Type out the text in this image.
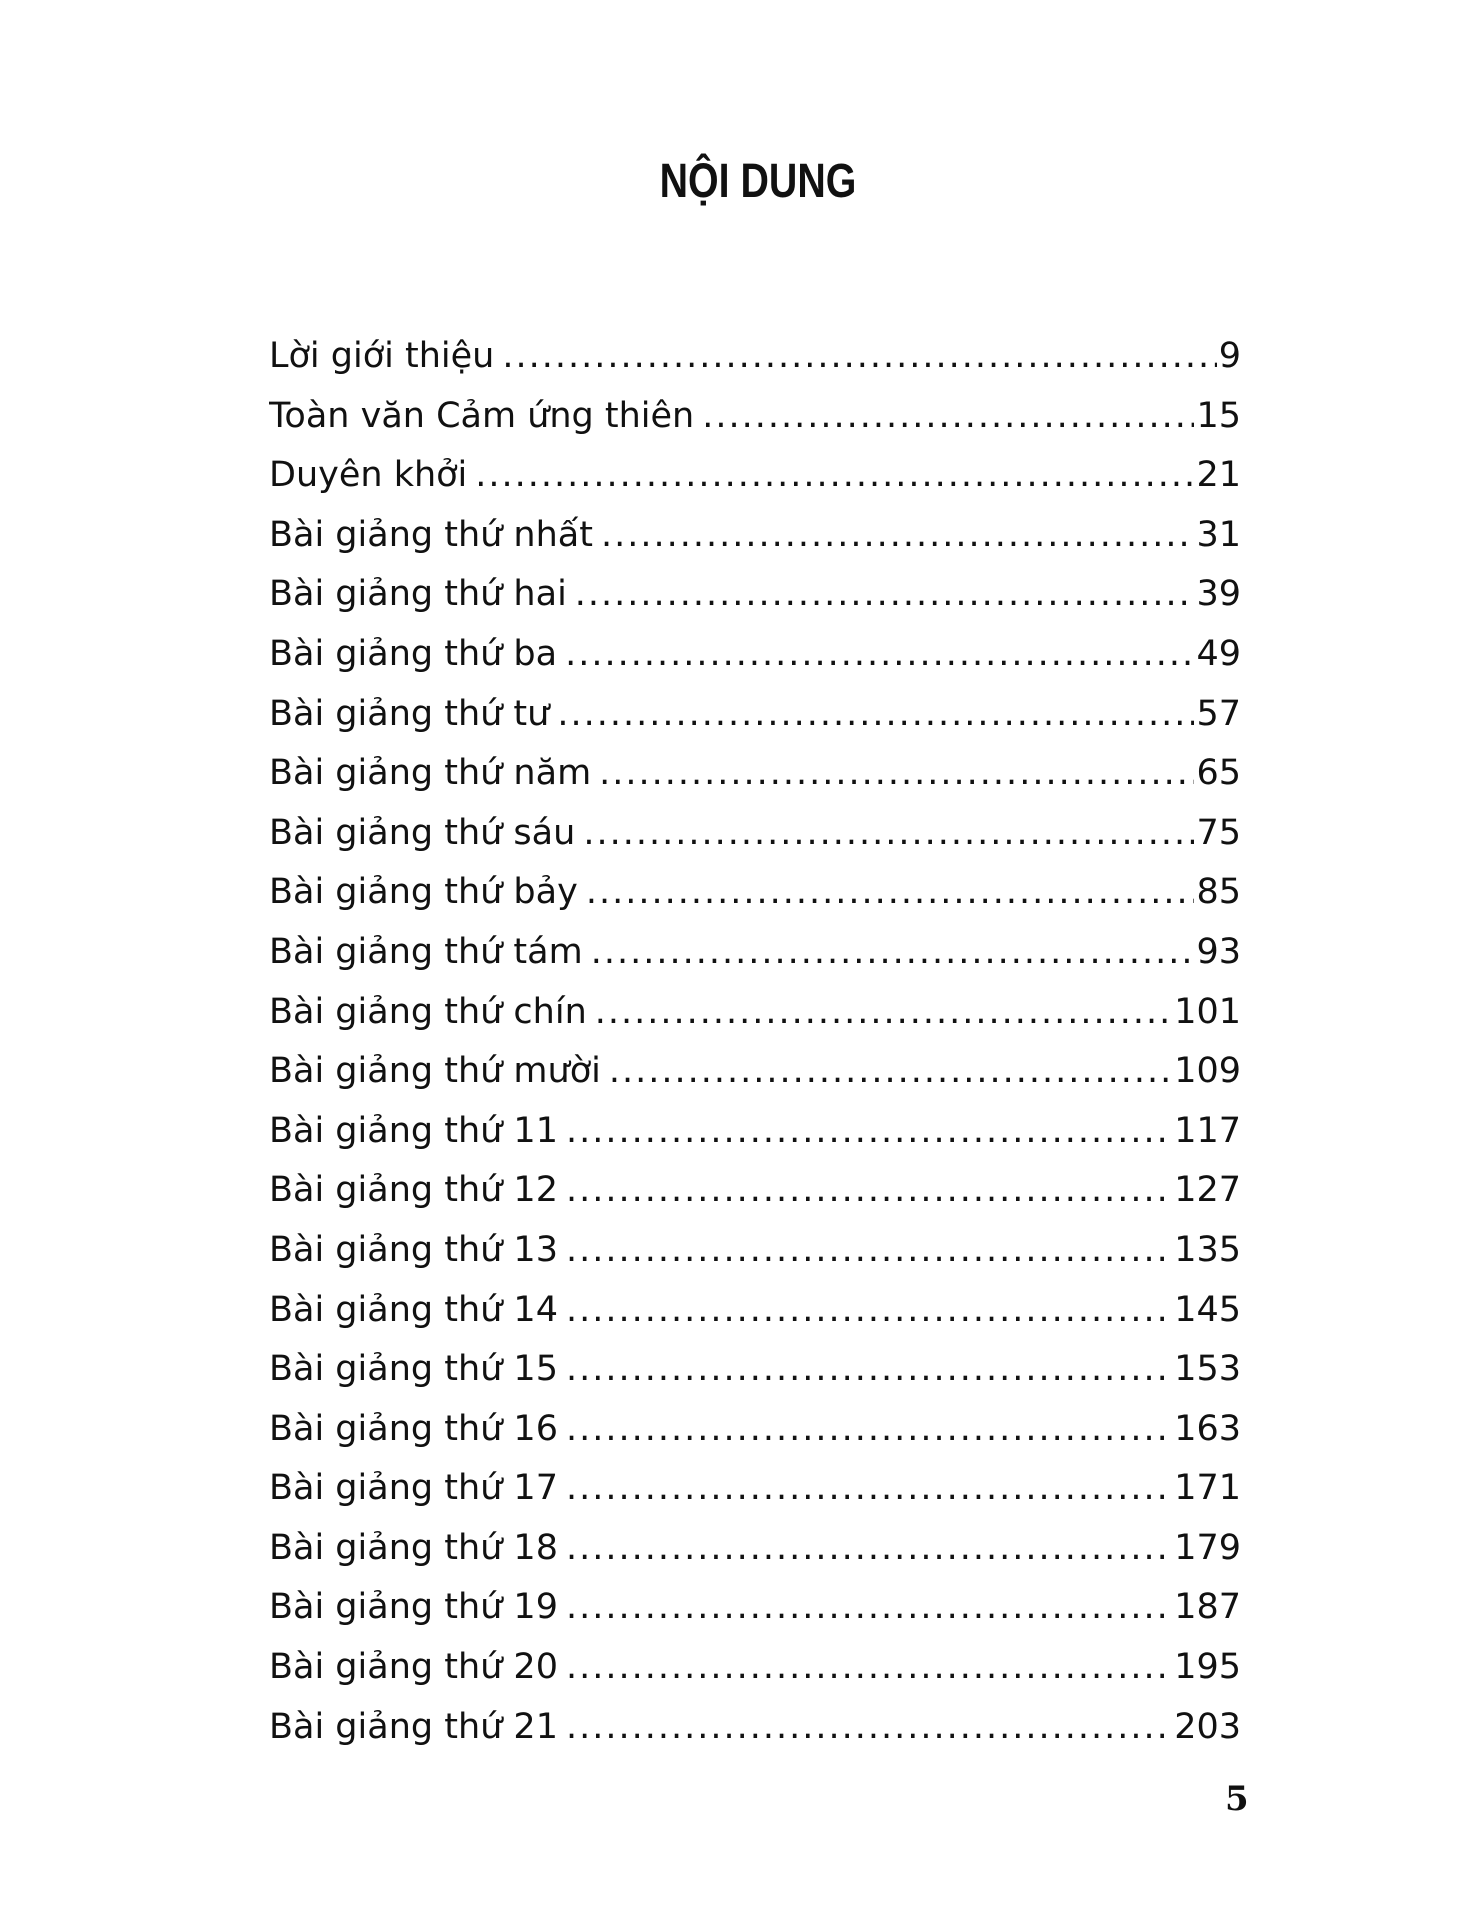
NỘI DUNG
Lời giới thiệu .....	9
Toàn văn Cảm ứng thiên .....	15
Duyên khởi .....	21
Bài giảng thứ nhất .....	31
Bài giảng thứ hai .....	39
Bài giảng thứ ba .....	49
Bài giảng thứ tư .....	57
Bài giảng thứ năm .....	65
Bài giảng thứ sáu .....	75
Bài giảng thứ bảy .....	85
Bài giảng thứ tám .....	93
Bài giảng thứ chín .....	101
Bài giảng thứ mười .....	109
Bài giảng thứ 11 .....	117
Bài giảng thứ 12 .....	127
Bài giảng thứ 13 .....	135
Bài giảng thứ 14 .....	145
Bài giảng thứ 15 .....	153
Bài giảng thứ 16 .....	163
Bài giảng thứ 17 .....	171
Bài giảng thứ 18 .....	179
Bài giảng thứ 19 .....	187
Bài giảng thứ 20 .....	195
Bài giảng thứ 21 .....	203

5
